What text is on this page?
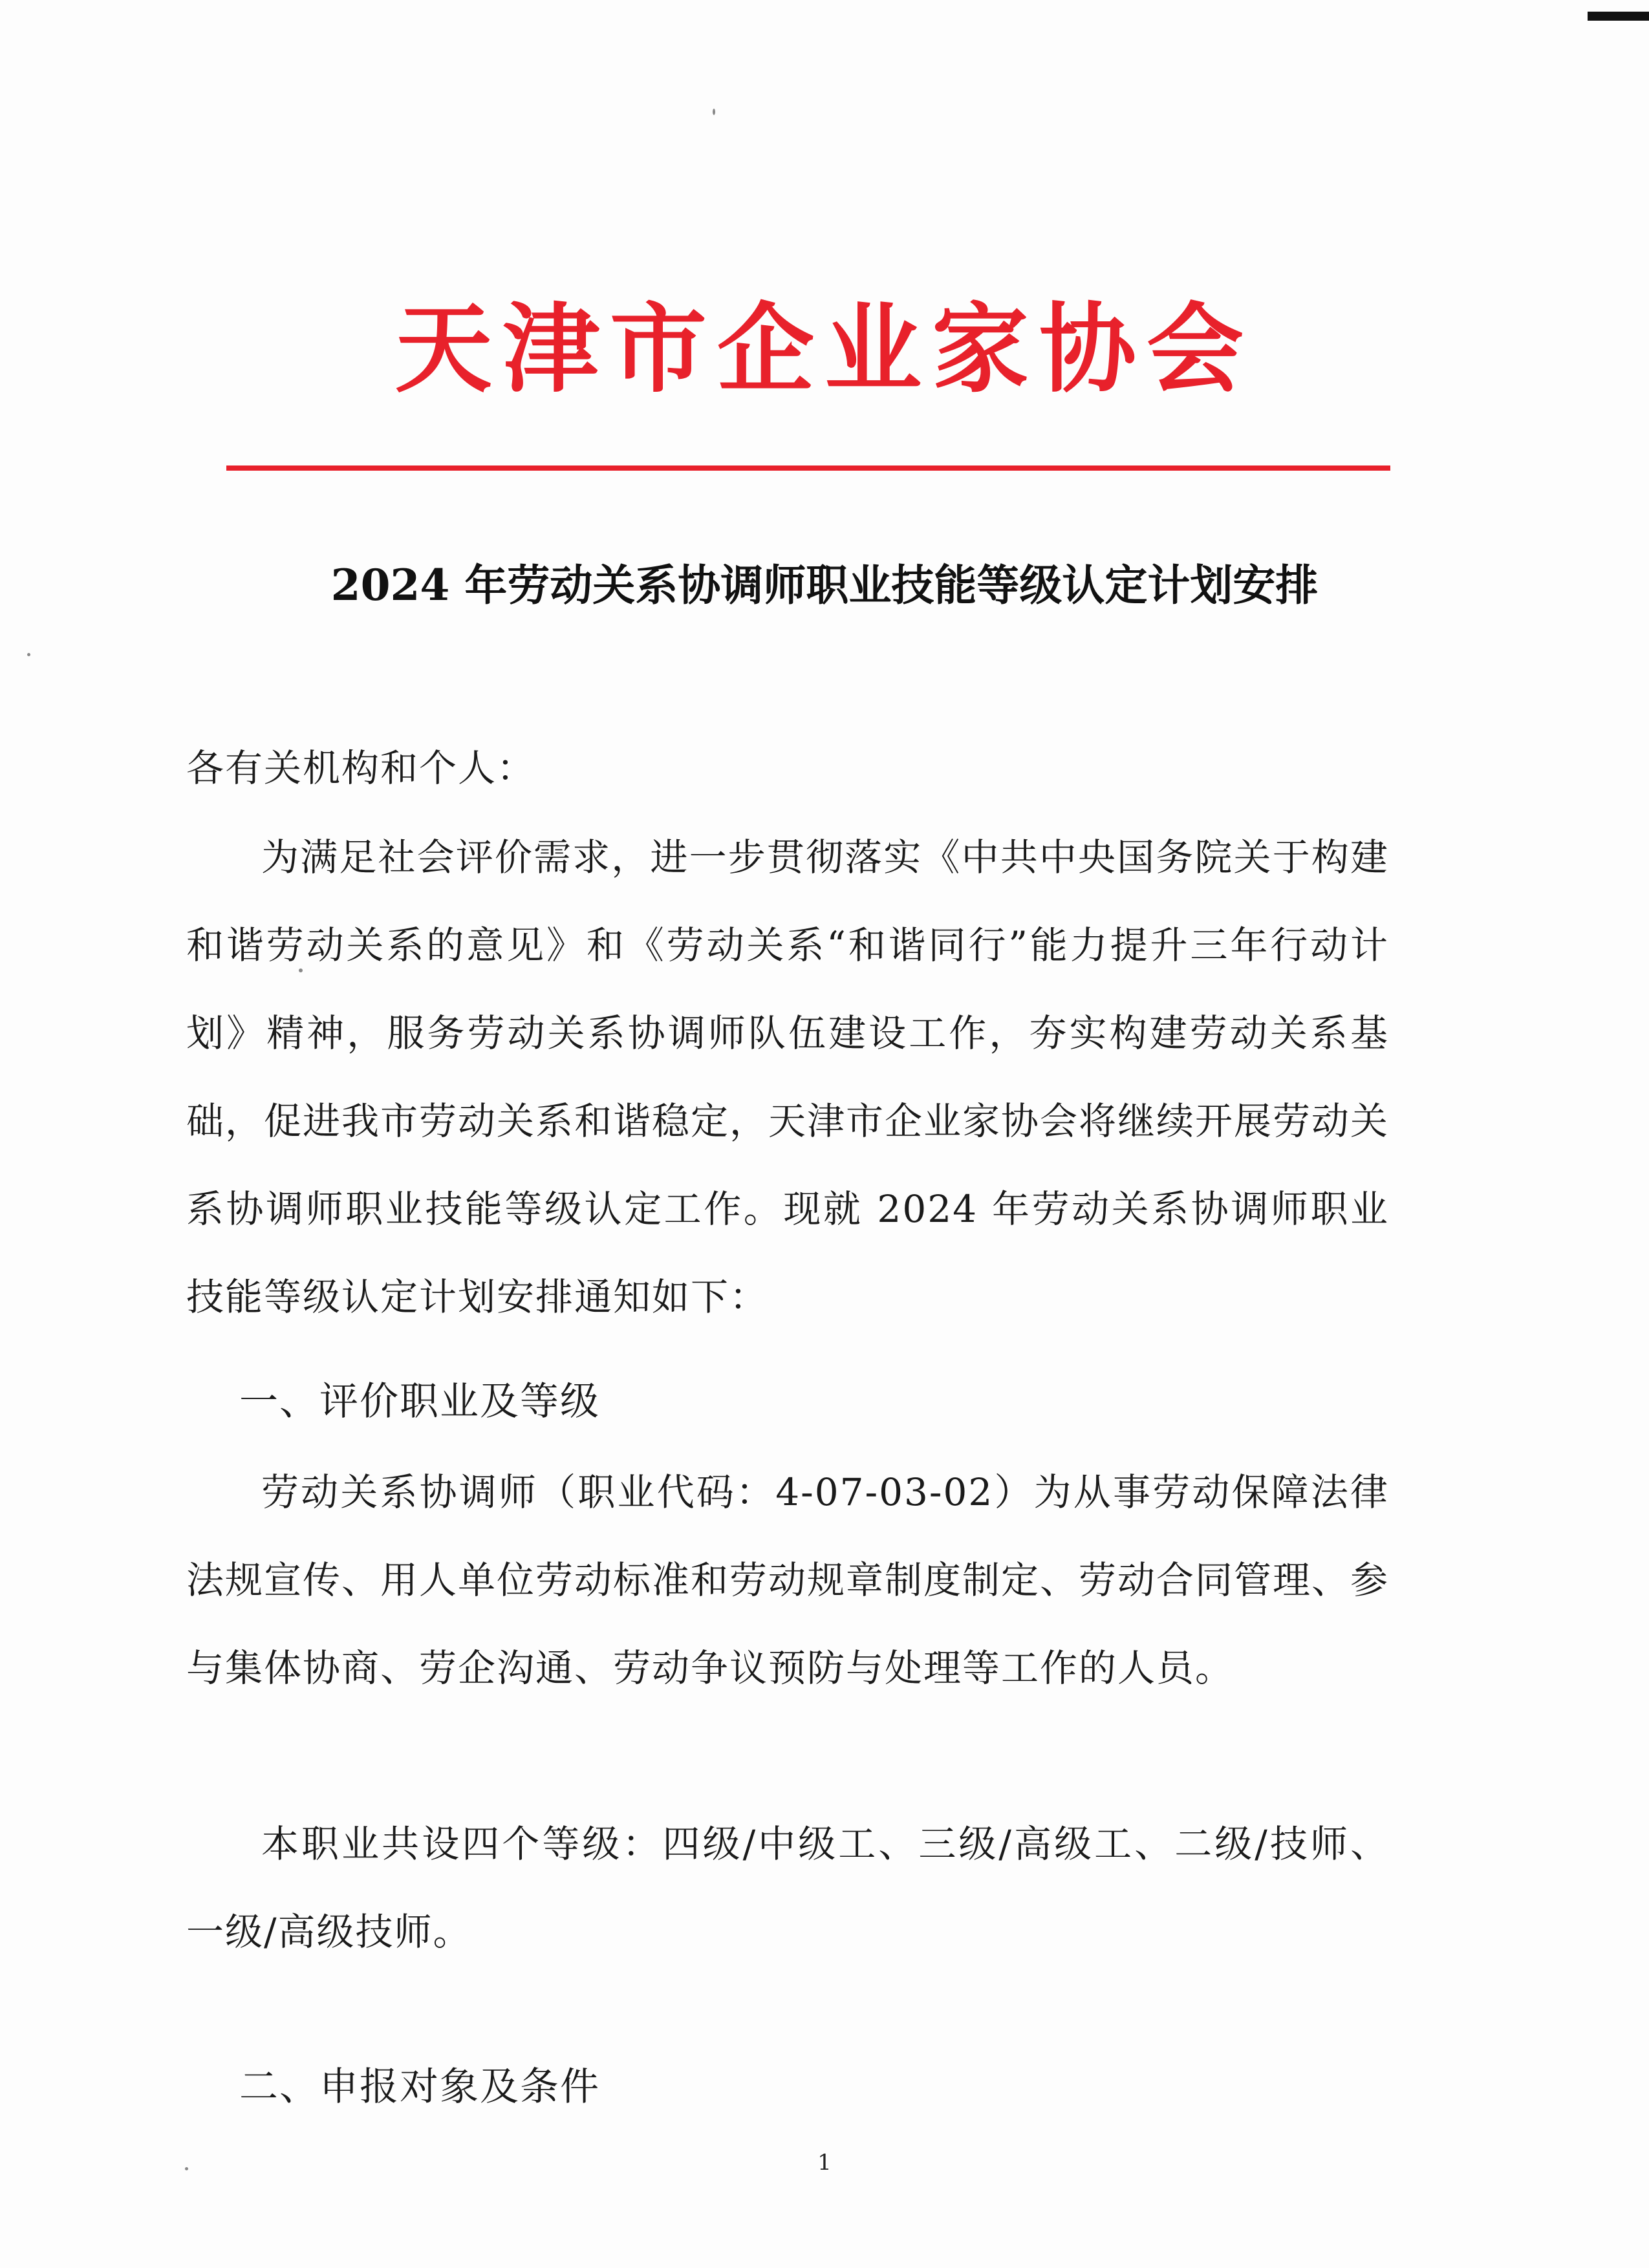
天津市企业家协会
2024 年劳动关系协调师职业技能等级认定计划安排

各有关机构和个人：

为满足社会评价需求，进一步贯彻落实《中共中央国务院关于构建和谐劳动关系的意见》和《劳动关系“和谐同行”能力提升三年行动计划》精神，服务劳动关系协调师队伍建设工作，夯实构建劳动关系基础，促进我市劳动关系和谐稳定，天津市企业家协会将继续开展劳动关系协调师职业技能等级认定工作。现就 2024 年劳动关系协调师职业技能等级认定计划安排通知如下：

一、评价职业及等级

劳动关系协调师（职业代码：4-07-03-02）为从事劳动保障法律法规宣传、用人单位劳动标准和劳动规章制度制定、劳动合同管理、参与集体协商、劳企沟通、劳动争议预防与处理等工作的人员。

本职业共设四个等级：四级/中级工、三级/高级工、二级/技师、一级/高级技师。

二、申报对象及条件

1
